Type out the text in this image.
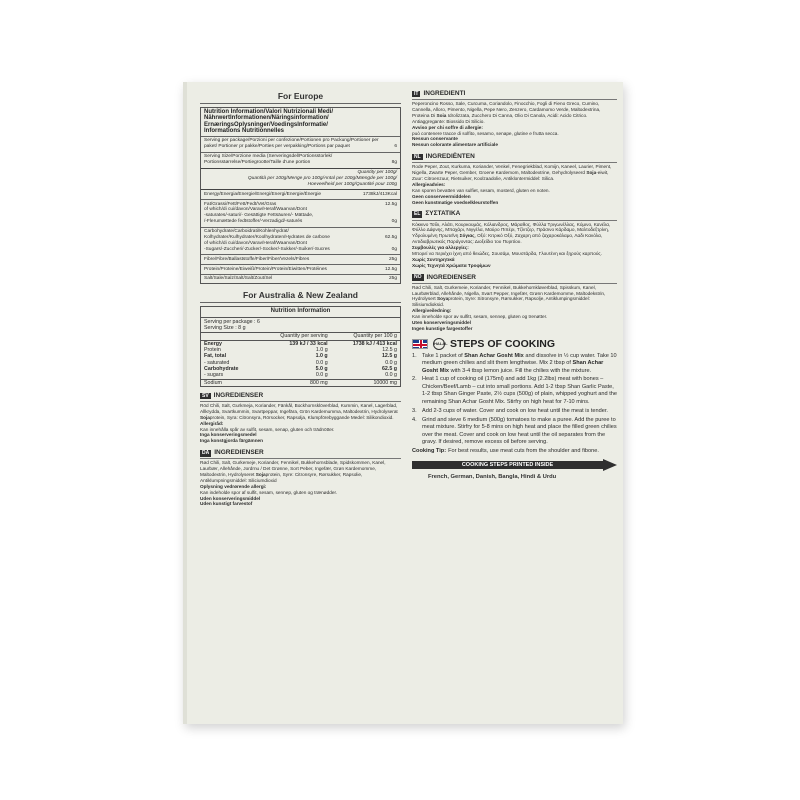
For Europe
Nutrition Information/Valori Nutrizionali Medi/
NährwertInformationen/Näringsinformation/
ErnæringsOplysninger/VoedingsInformatie/
Informations Nutritionnelles
Serving per package/Porzioni per confezione/Portionen pro Packung/Portioner per paket/ Portioner pr pakke/Porties per verpakking/Portions par paquet	6
Serving Size/Porzione media (Serveringsdel/Portionsstorlek/ Portionsstørrelse/Portiegrootte/Taille d'une portion	8g
Quantity per 100g/
Quantità per 100g/Menge pro 100g/Antal per 100g/Mængde per 100g/
Hoeveelheid per 100g/Quantité pour 100g
Energy/Energia/Energie/Energi/Energi/Energie/Énergie	1738kJ/413Kcal
Fat/Grassi/Fett/Fett/Fedt/Vet/Gras	12.5g
of which/di cui/davon/Varav/Heraf/Waarvan/Dont
-saturates/-saturi/- Gesättigte Fettsäuren/- Mättade,
/-Flerumættede fedtstoffer/-Verzadigd/-saturés	0g
Carbohydrate/Carboidrati/Kohlenhydrat/
Kolhydrater/Kulhydrater/Koolhydraten/Hydrates de carbone	62.5g
of which/di cui/davon/Varav/Heraf/Waarvan/Dont
-Sugars/-Zuccheri/-Zucker/-Socker/-Sukker/-Suiker/-Sucres	0g
Fibre/Fibre/Ballaststoffe/Fiber/Fiber/Vezels/Fibres	25g
Protein/Proteine/Eiweiß/Protein/Protein/Eiwitten/Protéines	12.5g
Salt/Sale/Salz/Salt/Salt/Zout/Sel	25g
For Australia & New Zealand
Nutrition Information
Serving per package : 6
Serving Size : 8 g
	Quantity per serving	Quantity per 100 g
Energy	139 kJ / 33 kcal	1738 kJ / 413 kcal
Protein	1.0 g	12.5 g
Fat, total	1.0 g	12.5 g
- saturated	0.0 g	0.0 g
Carbohydrate	5.0 g	62.5 g
- sugars	0.0 g	0.0 g
Sodium	800 mg	10000 mg
SV INGREDIENSER
Röd Chili, Salt, Gurkmeja, Koriander, Fänkål, Bockhornsklöverblad, Kummin, Kanel, Lagerblad, Allkrydda, Svartkummin, Svartpeppar, Ingefära, Grön Kardemumma, Maltodextrin, Hydrolyserat Sojaprotein, Syra: Citronsyra, Rörsocker, Rapsolja, Klumpförebyggande Medel: Silikondioxid.
Allergiråd:
Kan innehålla spår av sulfit, sesam, senap, gluten och trädnötter.
Inga konserveringsmedel
Inga konstgjorda färgämnen
DA INGREDIENSER
Rød Chili, Salt, Gurkemeje, Koriander, Fennikel, Bukkehornsblade, Spidskommen, Kanel, Laurbær, Allehånde, Jordrnu / Det Grønne, Sort Peber, Ingefær, Grøn Kardemomme, Maltodextrin, Hydrolyseret Sojaprotein, Syre: Citronsyre, Rørsukker, Rapsolie, Antiklumpningsmiddel: Siliciumdioxid
Oplysning vedrørende allergi:
Kan indeholde spor af sulfit, sesam, sennep, gluten og trænødder.
Uden konserveringsmiddel
Uden kunstigt farvestof
IT INGREDIENTI
Peperoncino Rosso, Sale, Curcuma, Coriandolo, Finocchio, Fogli di Fieno Greco, Cumino, Cannella, Alloro, Pimento, Nigella, Pepe Nero, Zenzero, Cardamomo Verde, Maltodextrina, Proteina Di Soia Idrolizzata, Zucchero Di Canna, Olio Di Canola, Acidi: Acido Citrico. Antiaggregante: Biossido Di Silicio.
Avviso per chi soffre di allergie:
può contenere tracce di solfito, sesamo, senape, glutine e frutta secca.
Nessun conservante
Nessun colorante alimentare artificiale
NL INGREDIËNTEN
Rode Peper, Zout, Kurkuma, Koriander, Venkel, Fenegriekblad, Komijn, Kaneel, Laurier, Piment, Nigella, Zwarte Peper, Gember, Groene Kardemom, Maltodextrine, Gehydrolyseerd Soja-eiwit, Zuur: Citroenzuur, Rietsuiker, Koolzaadolie, Antiklontermiddel: Silica.
Allergieadvies:
Kan sporen bevatten van sulfiet, sesam, mosterd, gluten en noten.
Geen conserveermiddelen
Geen kunstmatige voedselkleurstoffen
EL ΣΥΣΤΑΤΙΚΑ
Κόκκινο Τσίλι, Αλάτι, Κουρκουμάς, Κόλιανδρος, Μάραθος, Φύλλα Τριγωνέλλας, Κύμινο, Κανέλα, Φύλλο Δάφνης, Μπαχάρι, Νιγγέλα, Μαύρο Πιπέρι, Τζίντζερ, Πράσινο Κάρδαμο, Μαλτοδεξτρίνη, Υδρολυμένη Πρωτεΐνη Σόγιας, Οξύ: Κιτρικό Οξύ, Ζαχαρη από ζαχαροκάλαμο, Λαδι Κανόλα, Αντιδιαβρωτικός Παράγοντας: Διοξείδιο του Πυριτίου.
Συμβουλές για αλλεργίες:
Μπορεί να περιέχει ίχνη από θειώδες, Σουσάμι, Μουστάρδα, Γλουτένη και ξηρούς καρπούς.
Χωρίς Συντηρητικά
Χωρίς Τεχνητά Χρώματα Τροφίμων
NO INGREDIENSER
Rød Chili, Salt, Gurkemeie, Koriander, Fennikel, Bukkehornkløverblad, Spisskum, Kanel, Laurbærblad, Allehånde, Nigella, Svart Pepper, Ingefær, Grønn Kardemomme, Maltodekstrin, Hydrolysert Soyaprotein, Syre: Sitronsyre, Rørsukker, Rapsolje, Antiklumpingsmiddel: Silisiumdioksid.
Allergiveiledning:
Kan inneholde spor av sulfitt, sesam, sennep, gluten og trenøtter.
Uten konserveringsmiddel
Ingen kunstige fargestoffer
HALAL STEPS OF COOKING
1. Take 1 packet of Shan Achar Gosht Mix and dissolve in ½ cup water. Take 10 medium green chilies and slit them lengthwise. Mix 2 tbsp of Shan Achar Gosht Mix with 3-4 tbsp lemon juice. Fill the chilies with the mixture.
2. Heat 1 cup of cooking oil (175ml) and add 1kg (2.2lbs) meat with bones – Chicken/Beef/Lamb – cut into small portions. Add 1-2 tbsp Shan Garlic Paste, 1-2 tbsp Shan Ginger Paste, 2½ cups (500g) of plain, whipped yoghurt and the remaining Shan Achar Gosht Mix. Stirfry on high heat for 7-10 mins.
3. Add 2-3 cups of water. Cover and cook on low heat until the meat is tender.
4. Grind and sieve 6 medium (500g) tomatoes to make a puree. Add the puree to meat mixture. Stirfry for 5-8 mins on high heat and place the filled green chilies over the meat. Cover and cook on low heat until the oil separates from the gravy. If desired, remove excess oil before serving.
Cooking Tip: For best results, use meat cuts from the shoulder and fibone.
COOKING STEPS PRINTED INSIDE
French, German, Danish, Bangla, Hindi & Urdu
